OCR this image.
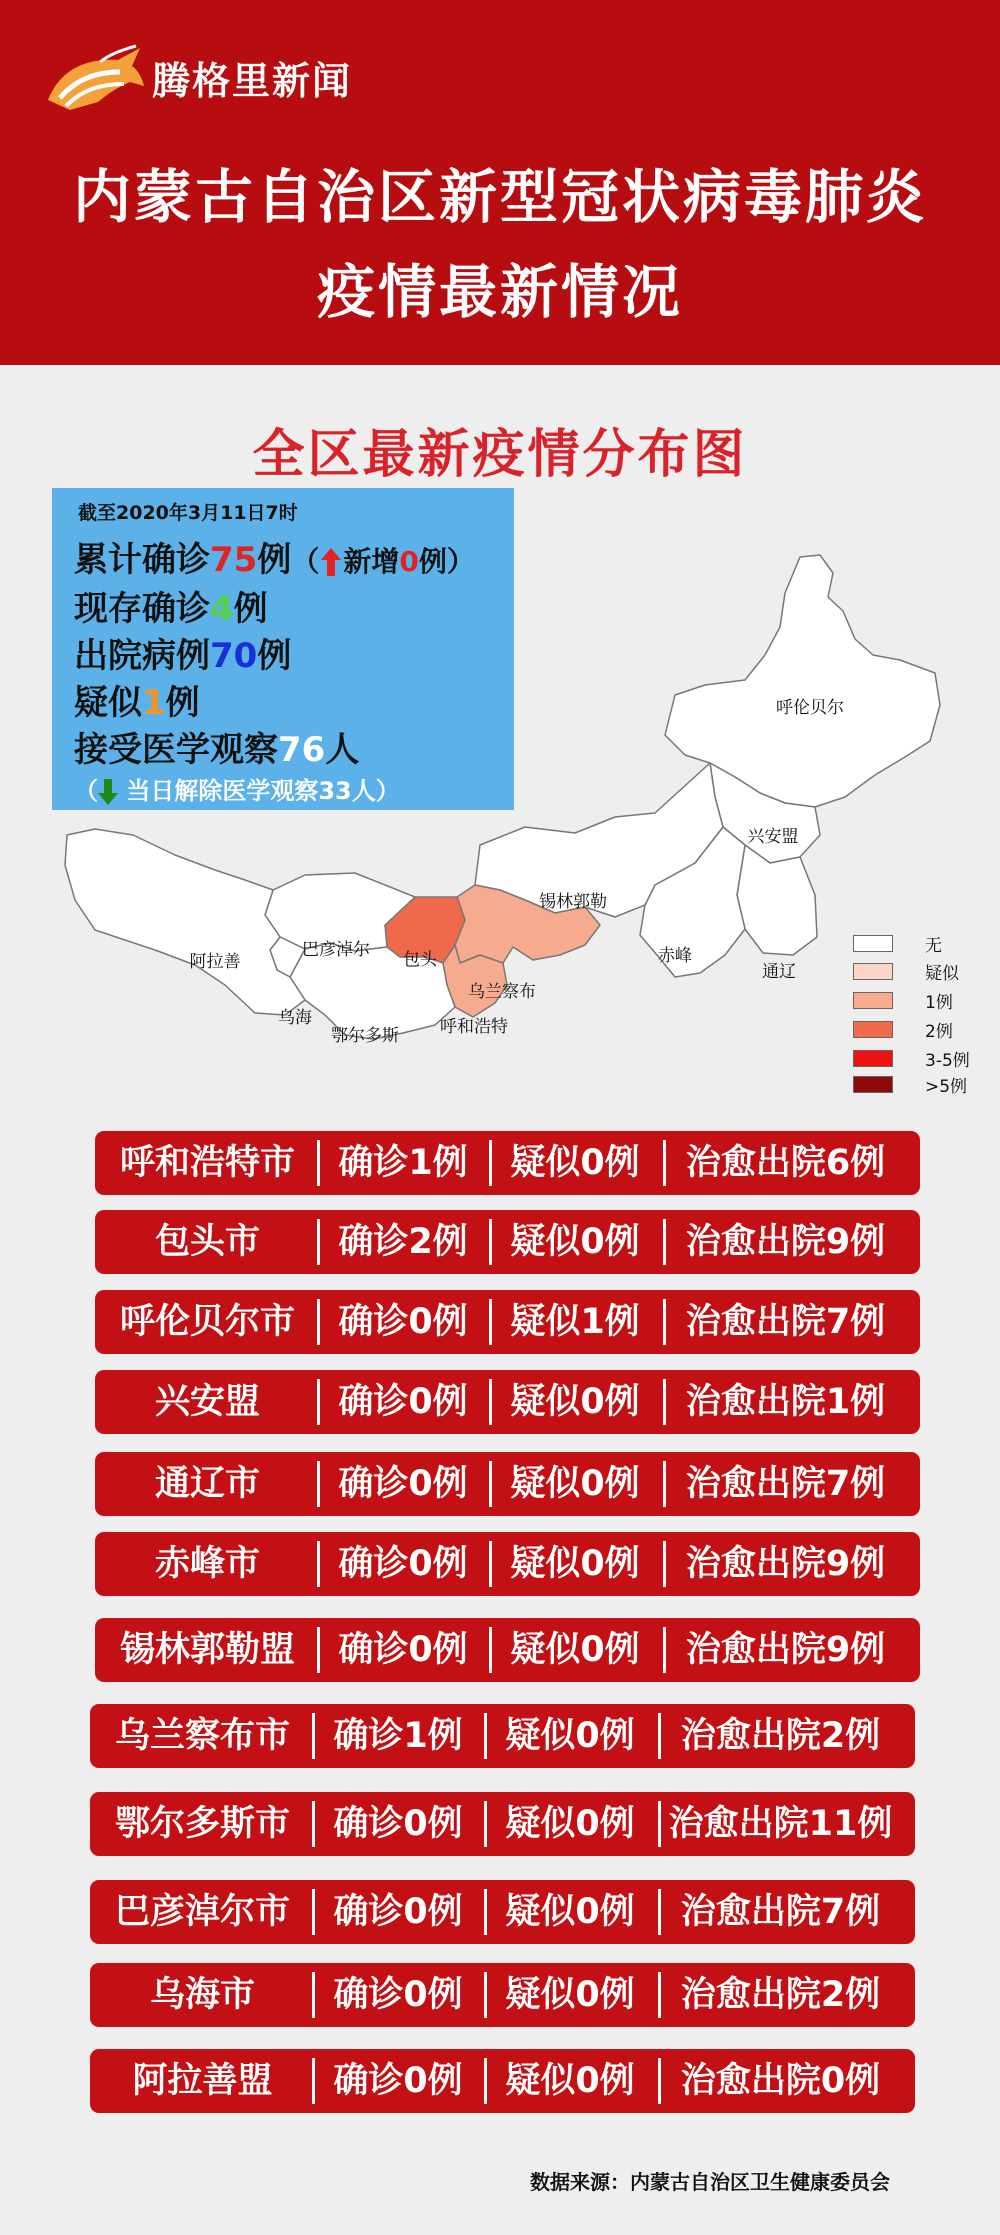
腾格里新闻
内蒙古自治区新型冠状病毒肺炎
疫情最新情况
全区最新疫情分布图
呼伦贝尔
兴安盟
通辽
赤峰
锡林郭勒
乌兰察布
呼和浩特
包头
巴彦淖尔
鄂尔多斯
乌海
阿拉善
截至2020年3月11日7时
累计确诊75例（ 新增0例）
现存确诊4例
出院病例70例
疑似1例
接受医学观察76人
（ 当日解除医学观察33人）
无
疑似
1例
2例
3-5例
>5例
呼和浩特市	确诊1例	疑似0例	治愈出院6例
包头市	确诊2例	疑似0例	治愈出院9例
呼伦贝尔市	确诊0例	疑似1例	治愈出院7例
兴安盟	确诊0例	疑似0例	治愈出院1例
通辽市	确诊0例	疑似0例	治愈出院7例
赤峰市	确诊0例	疑似0例	治愈出院9例
锡林郭勒盟	确诊0例	疑似0例	治愈出院9例
乌兰察布市	确诊1例	疑似0例	治愈出院2例
鄂尔多斯市	确诊0例	疑似0例 治愈出院11例
巴彦淖尔市	确诊0例	疑似0例	治愈出院7例
乌海市	确诊0例	疑似0例	治愈出院2例
阿拉善盟	确诊0例	疑似0例	治愈出院0例
数据来源：内蒙古自治区卫生健康委员会
